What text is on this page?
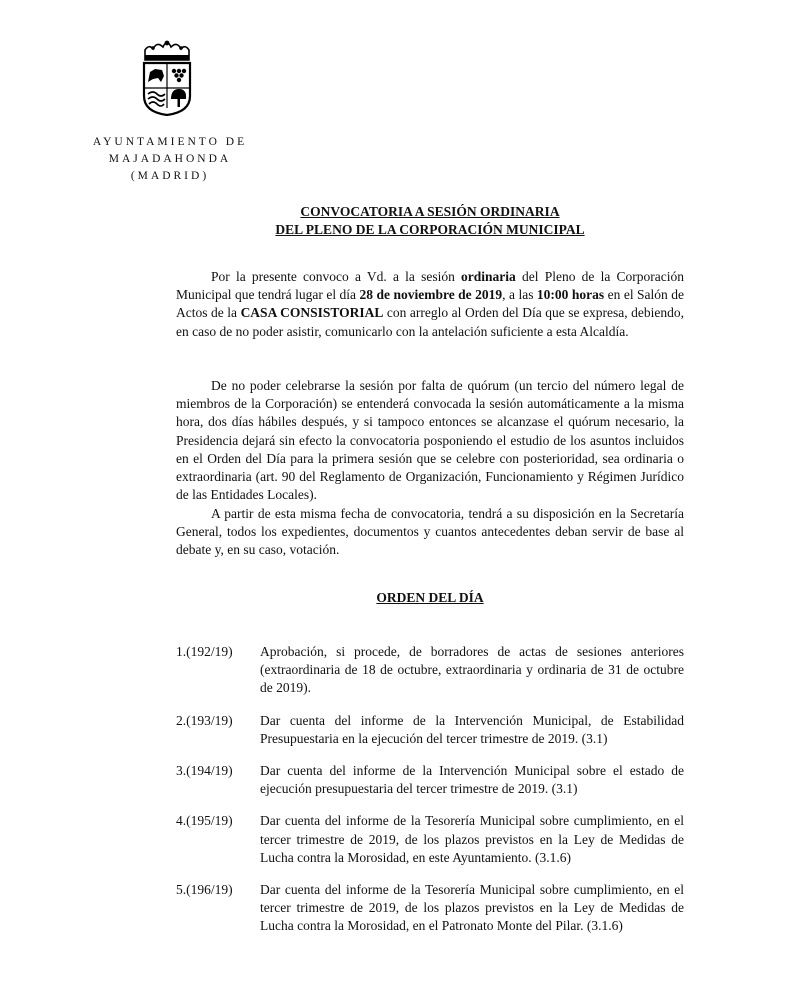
AYUNTAMIENTO DE
MAJADAHONDA
(MADRID)
CONVOCATORIA A SESIÓN ORDINARIA
DEL PLENO DE LA CORPORACIÓN MUNICIPAL

Por la presente convoco a Vd. a la sesión ordinaria del Pleno de la Corporación Municipal que tendrá lugar el día 28 de noviembre de 2019, a las 10:00 horas en el Salón de Actos de la CASA CONSISTORIAL con arreglo al Orden del Día que se expresa, debiendo, en caso de no poder asistir, comunicarlo con la antelación suficiente a esta Alcaldía.

De no poder celebrarse la sesión por falta de quórum (un tercio del número legal de miembros de la Corporación) se entenderá convocada la sesión automáticamente a la misma hora, dos días hábiles después, y si tampoco entonces se alcanzase el quórum necesario, la Presidencia dejará sin efecto la convocatoria posponiendo el estudio de los asuntos incluidos en el Orden del Día para la primera sesión que se celebre con posterioridad, sea ordinaria o extraordinaria (art. 90 del Reglamento de Organización, Funcionamiento y Régimen Jurídico de las Entidades Locales).

A partir de esta misma fecha de convocatoria, tendrá a su disposición en la Secretaría General, todos los expedientes, documentos y cuantos antecedentes deban servir de base al debate y, en su caso, votación.

ORDEN DEL DÍA
1.(192/19)	Aprobación, si procede, de borradores de actas de sesiones anteriores (extraordinaria de 18 de octubre, extraordinaria y ordinaria de 31 de octubre de 2019).
2.(193/19)	Dar cuenta del informe de la Intervención Municipal, de Estabilidad Presupuestaria en la ejecución del tercer trimestre de 2019. (3.1)
3.(194/19)	Dar cuenta del informe de la Intervención Municipal sobre el estado de ejecución presupuestaria del tercer trimestre de 2019. (3.1)
4.(195/19)	Dar cuenta del informe de la Tesorería Municipal sobre cumplimiento, en el tercer trimestre de 2019, de los plazos previstos en la Ley de Medidas de Lucha contra la Morosidad, en este Ayuntamiento. (3.1.6)
5.(196/19)	Dar cuenta del informe de la Tesorería Municipal sobre cumplimiento, en el tercer trimestre de 2019, de los plazos previstos en la Ley de Medidas de Lucha contra la Morosidad, en el Patronato Monte del Pilar. (3.1.6)
